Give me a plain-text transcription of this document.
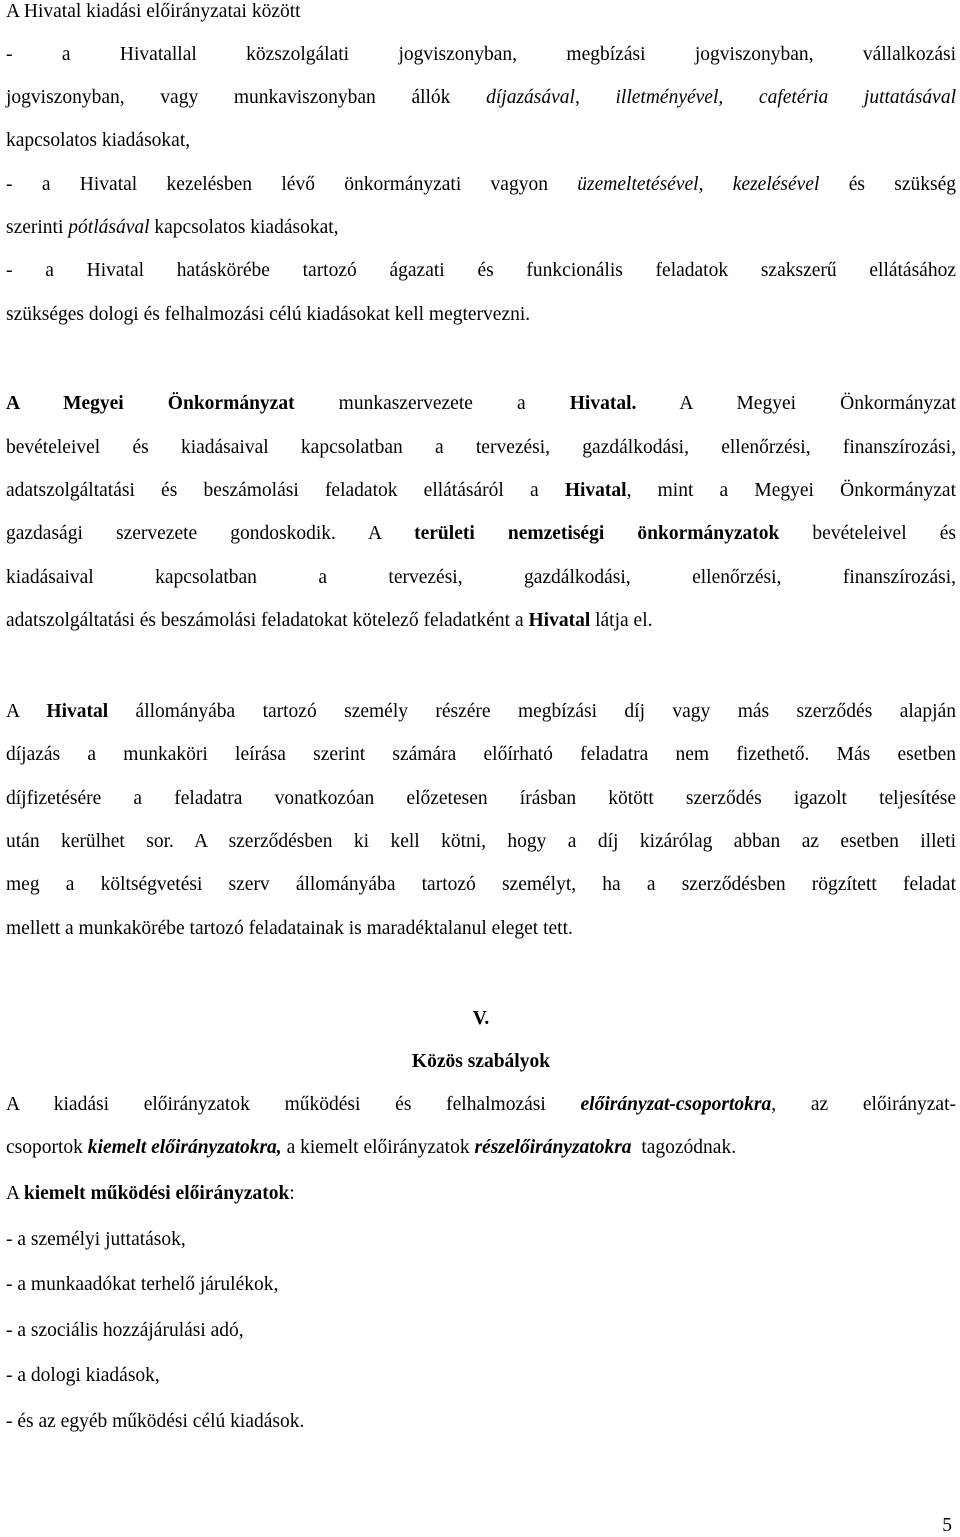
A Hivatal kiadási előirányzatai között
- a Hivatallal közszolgálati jogviszonyban, megbízási jogviszonyban, vállalkozási
jogviszonyban, vagy munkaviszonyban állók díjazásával, illetményével, cafetéria juttatásával
kapcsolatos kiadásokat,
- a Hivatal kezelésben lévő önkormányzati vagyon üzemeltetésével, kezelésével és szükség
szerinti pótlásával kapcsolatos kiadásokat,
- a Hivatal hatáskörébe tartozó ágazati és funkcionális feladatok szakszerű ellátásához
szükséges dologi és felhalmozási célú kiadásokat kell megtervezni.
A Megyei Önkormányzat munkaszervezete a Hivatal. A Megyei Önkormányzat
bevételeivel és kiadásaival kapcsolatban a tervezési, gazdálkodási, ellenőrzési, finanszírozási,
adatszolgáltatási és beszámolási feladatok ellátásáról a Hivatal, mint a Megyei Önkormányzat
gazdasági szervezete gondoskodik. A területi nemzetiségi önkormányzatok bevételeivel és
kiadásaival kapcsolatban a tervezési, gazdálkodási, ellenőrzési, finanszírozási,
adatszolgáltatási és beszámolási feladatokat kötelező feladatként a Hivatal látja el.
A Hivatal állományába tartozó személy részére megbízási díj vagy más szerződés alapján
díjazás a munkaköri leírása szerint számára előírható feladatra nem fizethető. Más esetben
díjfizetésére a feladatra vonatkozóan előzetesen írásban kötött szerződés igazolt teljesítése
után kerülhet sor. A szerződésben ki kell kötni, hogy a díj kizárólag abban az esetben illeti
meg a költségvetési szerv állományába tartozó személyt, ha a szerződésben rögzített feladat
mellett a munkakörébe tartozó feladatainak is maradéktalanul eleget tett.
V.
Közös szabályok
A kiadási előirányzatok működési és felhalmozási előirányzat-csoportokra, az előirányzat-
csoportok kiemelt előirányzatokra, a kiemelt előirányzatok részelőirányzatokra  tagozódnak.
A kiemelt működési előirányzatok:
- a személyi juttatások,
- a munkaadókat terhelő járulékok,
- a szociális hozzájárulási adó,
- a dologi kiadások,
- és az egyéb működési célú kiadások.
5
